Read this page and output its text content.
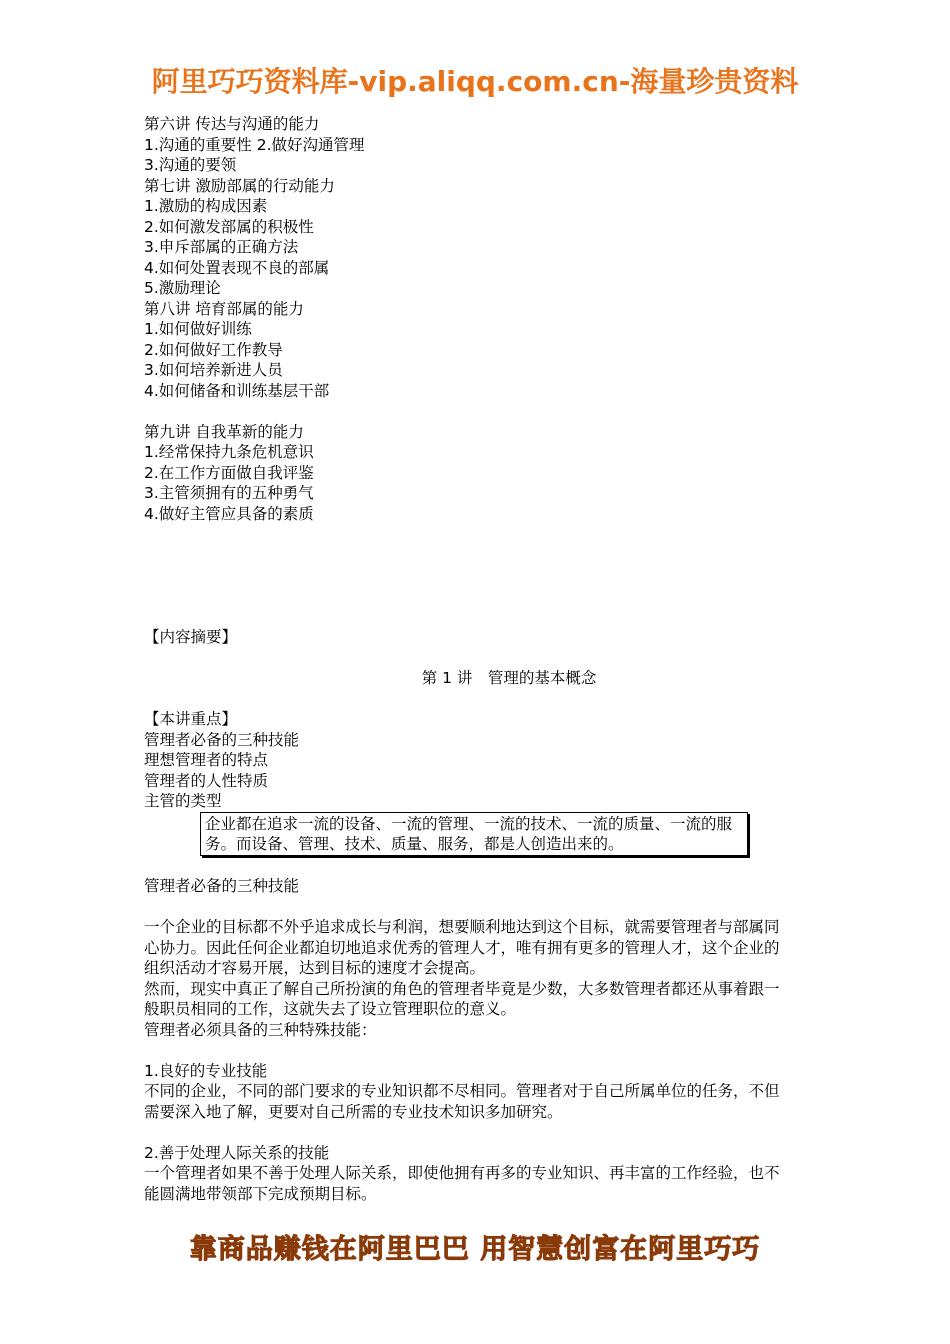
阿里巧巧资料库-vip.aliqq.com.cn-海量珍贵资料
第六讲 传达与沟通的能力
1.沟通的重要性 2.做好沟通管理
3.沟通的要领
第七讲 激励部属的行动能力
1.激励的构成因素
2.如何激发部属的积极性
3.申斥部属的正确方法
4.如何处置表现不良的部属
5.激励理论
第八讲 培育部属的能力
1.如何做好训练
2.如何做好工作教导
3.如何培养新进人员
4.如何储备和训练基层干部
第九讲 自我革新的能力
1.经常保持九条危机意识
2.在工作方面做自我评鉴
3.主管须拥有的五种勇气
4.做好主管应具备的素质
【内容摘要】
第 1 讲　管理的基本概念
【本讲重点】
管理者必备的三种技能
理想管理者的特点
管理者的人性特质
主管的类型
企业都在追求一流的设备、一流的管理、一流的技术、一流的质量、一流的服务。而设备、管理、技术、质量、服务，都是人创造出来的。
管理者必备的三种技能
一个企业的目标都不外乎追求成长与利润，想要顺利地达到这个目标，就需要管理者与部属同心协力。因此任何企业都迫切地追求优秀的管理人才，唯有拥有更多的管理人才，这个企业的组织活动才容易开展，达到目标的速度才会提高。
然而，现实中真正了解自己所扮演的角色的管理者毕竟是少数，大多数管理者都还从事着跟一般职员相同的工作，这就失去了设立管理职位的意义。
管理者必须具备的三种特殊技能：
1.良好的专业技能
不同的企业，不同的部门要求的专业知识都不尽相同。管理者对于自己所属单位的任务，不但需要深入地了解，更要对自己所需的专业技术知识多加研究。
2.善于处理人际关系的技能
一个管理者如果不善于处理人际关系，即使他拥有再多的专业知识、再丰富的工作经验，也不能圆满地带领部下完成预期目标。
靠商品赚钱在阿里巴巴 用智慧创富在阿里巧巧
